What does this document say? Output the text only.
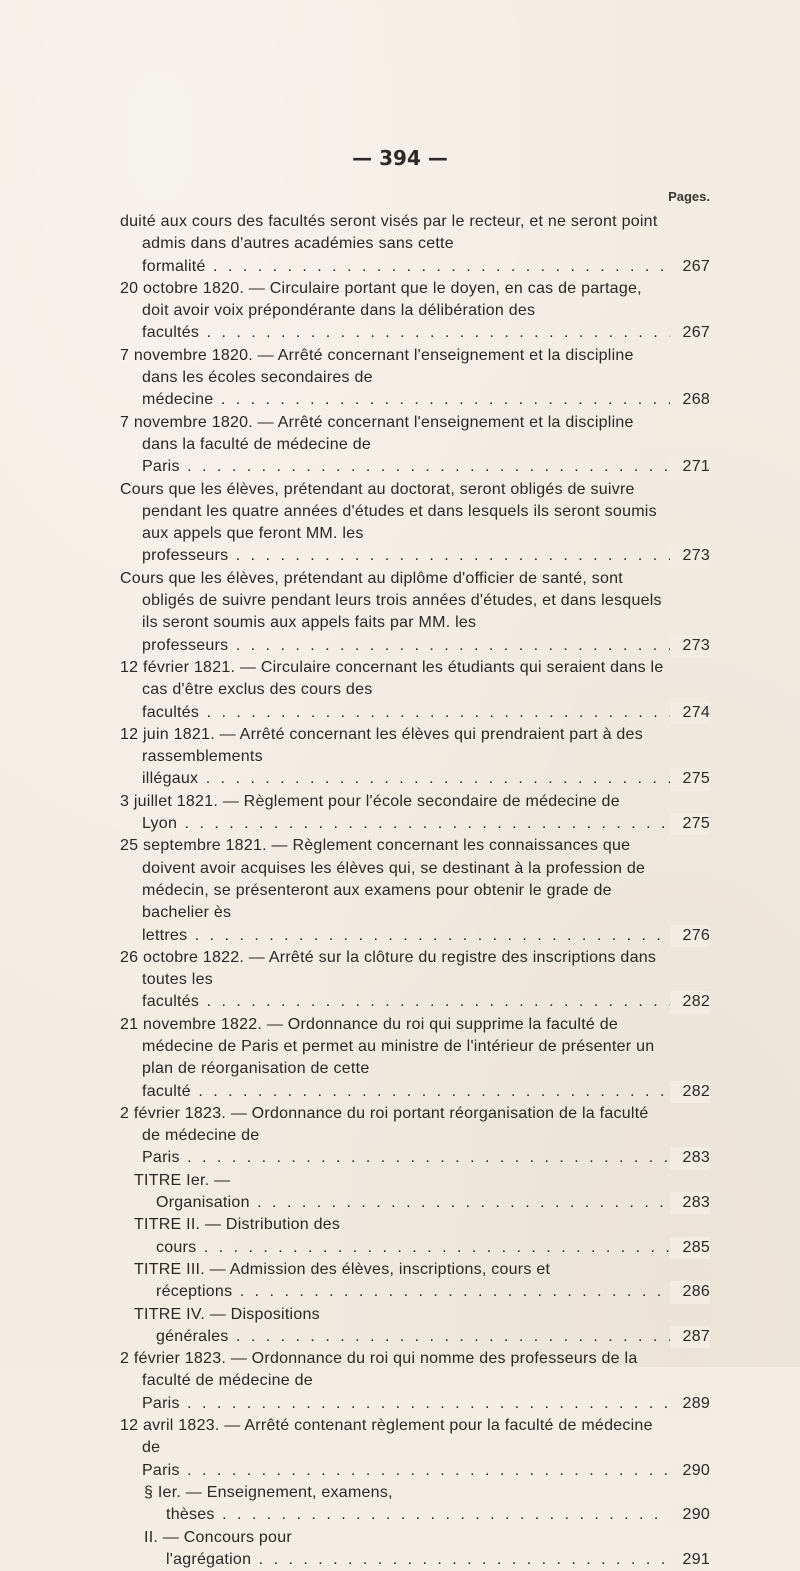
— 394 —
Pages.
duité aux cours des facultés seront visés par le recteur, et ne seront point admis dans d'autres académies sans cette formalité . . .	267
20 octobre 1820. — Circulaire portant que le doyen, en cas de partage, doit avoir voix prépondérante dans la délibération des facultés . . .	267
7 novembre 1820. — Arrêté concernant l'enseignement et la discipline dans les écoles secondaires de médecine . . .	268
7 novembre 1820. — Arrêté concernant l'enseignement et la discipline dans la faculté de médecine de Paris . . .	271
Cours que les élèves, prétendant au doctorat, seront obligés de suivre pendant les quatre années d'études et dans lesquels ils seront soumis aux appels que feront MM. les professeurs . . .	273
Cours que les élèves, prétendant au diplôme d'officier de santé, sont obligés de suivre pendant leurs trois années d'études, et dans lesquels ils seront soumis aux appels faits par MM. les professeurs . . .	273
12 février 1821. — Circulaire concernant les étudiants qui seraient dans le cas d'être exclus des cours des facultés . . .	274
12 juin 1821. — Arrêté concernant les élèves qui prendraient part à des rassemblements illégaux . . .	275
3 juillet 1821. — Règlement pour l'école secondaire de médecine de Lyon . . .	275
25 septembre 1821. — Règlement concernant les connaissances que doivent avoir acquises les élèves qui, se destinant à la profession de médecin, se présenteront aux examens pour obtenir le grade de bachelier ès lettres . . .	276
26 octobre 1822. — Arrêté sur la clôture du registre des inscriptions dans toutes les facultés . . .	282
21 novembre 1822. — Ordonnance du roi qui supprime la faculté de médecine de Paris et permet au ministre de l'intérieur de présenter un plan de réorganisation de cette faculté . . .	282
2 février 1823. — Ordonnance du roi portant réorganisation de la faculté de médecine de Paris . . .	283
TITRE Ier. — Organisation . . .	283
TITRE II. — Distribution des cours . . .	285
TITRE III. — Admission des élèves, inscriptions, cours et réceptions . . .	286
TITRE IV. — Dispositions générales . . .	287
2 février 1823. — Ordonnance du roi qui nomme des professeurs de la faculté de médecine de Paris . . .	289
12 avril 1823. — Arrêté contenant règlement pour la faculté de médecine de Paris . . .	290
§ Ier. — Enseignement, examens, thèses . . .	290
II. — Concours pour l'agrégation . . .	291
